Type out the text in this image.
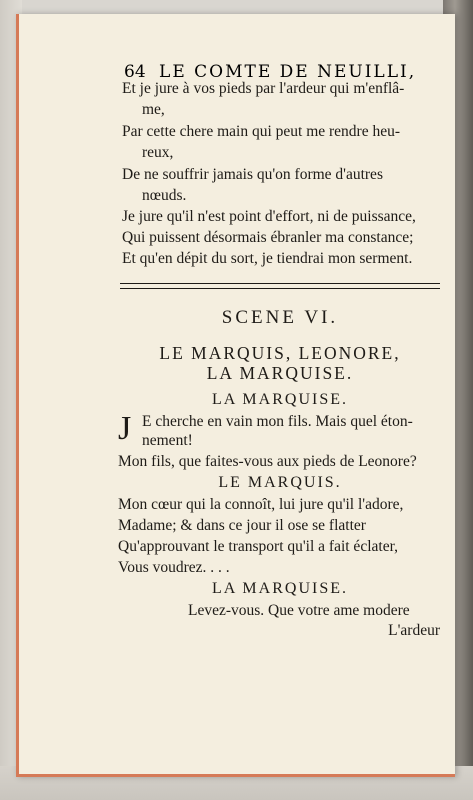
64 LE COMTE DE NEUILLI,
Et je jure à vos pieds par l'ardeur qui m'enflâ-
me,
Par cette chere main qui peut me rendre heu-
reux,
De ne souffrir jamais qu'on forme d'autres
nœuds.
Je jure qu'il n'est point d'effort, ni de puissance,
Qui puissent désormais ébranler ma constance;
Et qu'en dépit du sort, je tiendrai mon serment.
SCENE VI.
LE MARQUIS, LEONORE,
LA MARQUISE.
LA MARQUISE.
J E cherche en vain mon fils. Mais quel éton-
nement!
Mon fils, que faites-vous aux pieds de Leonore?
LE MARQUIS.
Mon cœur qui la connoît, lui jure qu'il l'adore,
Madame; & dans ce jour il ose se flatter
Qu'approuvant le transport qu'il a fait éclater,
Vous voudrez. . . .
LA MARQUISE.
Levez-vous. Que votre ame modere
L'ardeur
